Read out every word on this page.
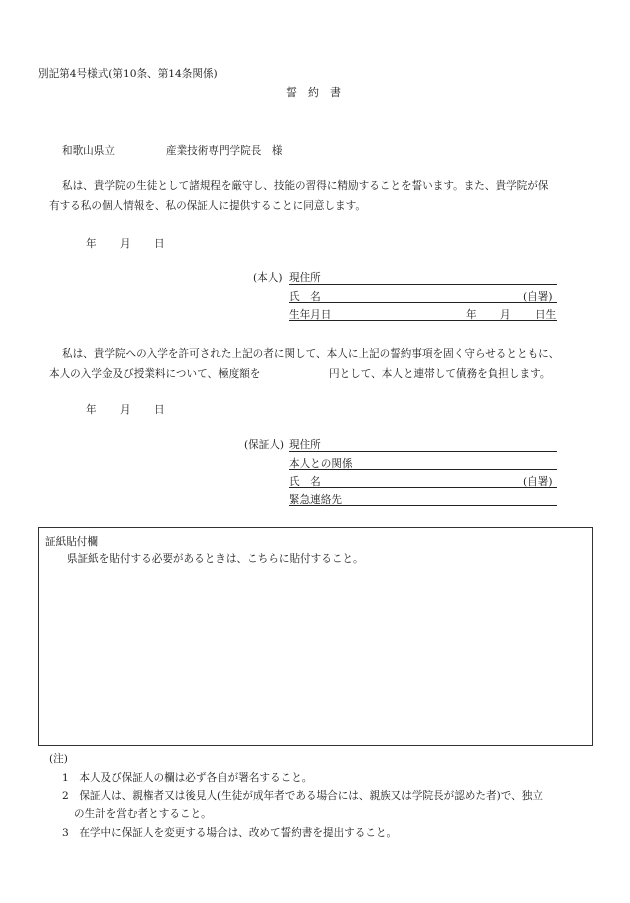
別記第4号様式(第10条、第14条関係)
誓　約　書
和歌山県立	産業技術専門学院長　様
私は、貴学院の生徒として諸規程を厳守し、技能の習得に精励することを誓います。また、貴学院が保
有する私の個人情報を、私の保証人に提供することに同意します。
年 月 日
(本人) 現住所
氏　名	(自署)
生年月日	年 月 日生
私は、貴学院への入学を許可された上記の者に関して、本人に上記の誓約事項を固く守らせるとともに、
本人の入学金及び授業料について、極度額を	円として、本人と連帯して債務を負担します。
年 月 日
(保証人) 現住所
本人との関係
氏　名	(自署)
緊急連絡先
証紙貼付欄
県証紙を貼付する必要があるときは、こちらに貼付すること。
(注)
1　本人及び保証人の欄は必ず各自が署名すること。
2　保証人は、親権者又は後見人(生徒が成年者である場合には、親族又は学院長が認めた者)で、独立
の生計を営む者とすること。
3　在学中に保証人を変更する場合は、改めて誓約書を提出すること。
